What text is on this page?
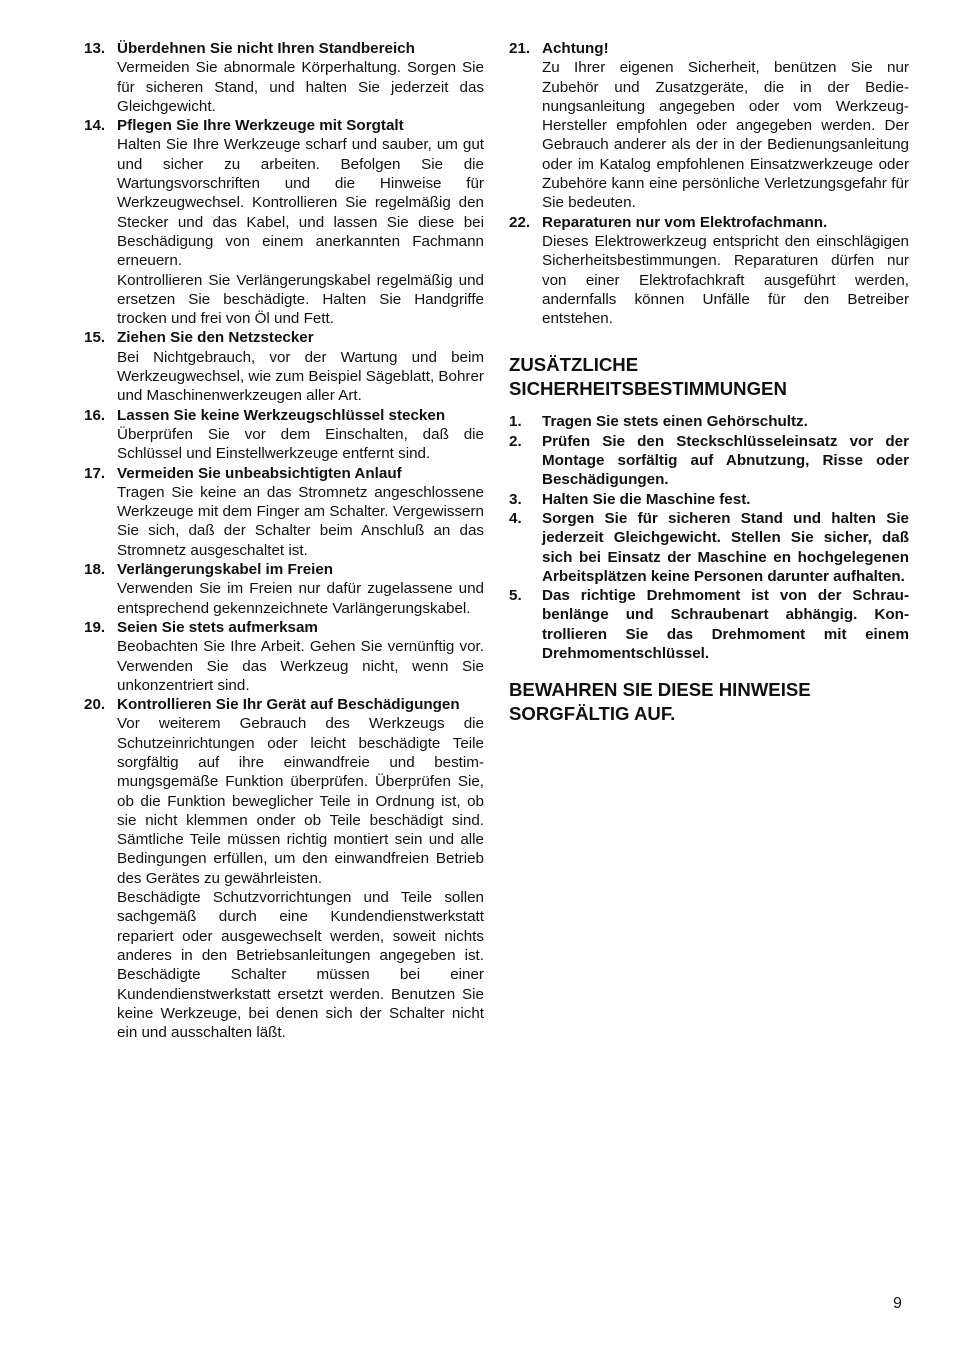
13. Überdehnen Sie nicht Ihren Standbereich
Vermeiden Sie abnormale Körperhaltung. Sorgen Sie für sicheren Stand, und halten Sie jederzeit das Gleichgewicht.
14. Pflegen Sie Ihre Werkzeuge mit Sorgtalt
Halten Sie Ihre Werkzeuge scharf und sauber, um gut und sicher zu arbeiten. Befolgen Sie die Wartungsvorschriften und die Hinweise für Werkzeugwechsel. Kontrollieren Sie regelmäßig den Stecker und das Kabel, und lassen Sie diese bei Beschädigung von einem anerkannten Fachmann erneuern.
Kontrollieren Sie Verlängerungskabel regelmäßig und ersetzen Sie beschädigte. Halten Sie Handgriffe trocken und frei von Öl und Fett.
15. Ziehen Sie den Netzstecker
Bei Nichtgebrauch, vor der Wartung und beim Werkzeugwechsel, wie zum Beispiel Sägeblatt, Bohrer und Maschinenwerkzeugen aller Art.
16. Lassen Sie keine Werkzeugschlüssel stecken
Überprüfen Sie vor dem Einschalten, daß die Schlüssel und Einstellwerkzeuge entfernt sind.
17. Vermeiden Sie unbeabsichtigten Anlauf
Tragen Sie keine an das Stromnetz angeschlossene Werkzeuge mit dem Finger am Schalter. Vergewissern Sie sich, daß der Schalter beim Anschluß an das Stromnetz ausgeschaltet ist.
18. Verlängerungskabel im Freien
Verwenden Sie im Freien nur dafür zugelassene und entsprechend gekennzeichnete Varlängerungskabel.
19. Seien Sie stets aufmerksam
Beobachten Sie Ihre Arbeit. Gehen Sie vernünftig vor. Verwenden Sie das Werkzeug nicht, wenn Sie unkonzentriert sind.
20. Kontrollieren Sie Ihr Gerät auf Beschädigungen
Vor weiterem Gebrauch des Werkzeugs die Schutzeinrichtungen oder leicht beschädigte Teile sorgfältig auf ihre einwandfreie und bestimmungsgemäße Funktion überprüfen. Überprüfen Sie, ob die Funktion beweglicher Teile in Ordnung ist, ob sie nicht klemmen onder ob Teile beschädigt sind. Sämtliche Teile müssen richtig montiert sein und alle Bedingungen erfüllen, um den einwandfreien Betrieb des Gerätes zu gewährleisten.
Beschädigte Schutzvorrichtungen und Teile sollen sachgemäß durch eine Kundendienstwerkstatt repariert oder ausgewechselt werden, soweit nichts anderes in den Betriebsanleitungen angegeben ist. Beschädigte Schalter müssen bei einer Kundendienstwerkstatt ersetzt werden. Benutzen Sie keine Werkzeuge, bei denen sich der Schalter nicht ein und ausschalten läßt.
21. Achtung!
Zu Ihrer eigenen Sicherheit, benützen Sie nur Zubehör und Zusatzgeräte, die in der Bedienungsanleitung angegeben oder vom Werkzeug-Hersteller empfohlen oder angegeben werden. Der Gebrauch anderer als der in der Bedienungsanleitung oder im Katalog empfohlenen Einsatzwerkzeuge oder Zubehöre kann eine persönliche Verletzungsgefahr für Sie bedeuten.
22. Reparaturen nur vom Elektrofachmann.
Dieses Elektrowerkzeug entspricht den einschlägigen Sicherheitsbestimmungen. Reparaturen dürfen nur von einer Elektrofachkraft ausgeführt werden, andernfalls können Unfälle für den Betreiber entstehen.
ZUSÄTZLICHE
SICHERHEITSBESTIMMUNGEN
1.	Tragen Sie stets einen Gehörschultz.
2.	Prüfen Sie den Steckschlüsseleinsatz vor der Montage sorfältig auf Abnutzung, Risse oder Beschädigungen.
3.	Halten Sie die Maschine fest.
4.	Sorgen Sie für sicheren Stand und halten Sie jederzeit Gleichgewicht. Stellen Sie sicher, daß sich bei Einsatz der Maschine en hochgelegenen Arbeitsplätzen keine Personen darunter aufhalten.
5.	Das richtige Drehmoment ist von der Schraubenlänge und Schraubenart abhängig. Kontrollieren Sie das Drehmoment mit einem Drehmomentschlüssel.
BEWAHREN SIE DIESE HINWEISE
SORGFÄLTIG AUF.
9
